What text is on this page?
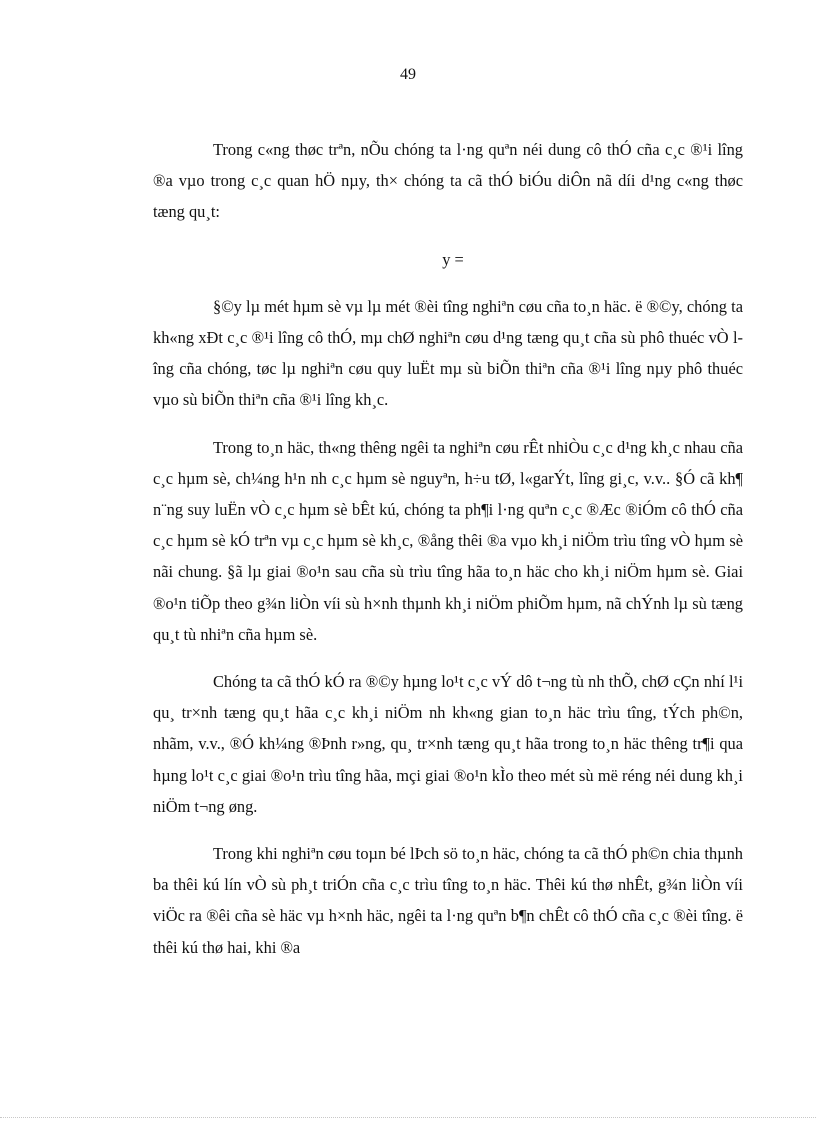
49

Trong c«ng thøc trªn, nÕu chóng ta l·ng quªn néi dung cô thÓ cña c¸c ®¹i lîng ®a vµo trong c¸c quan hÖ nµy, th× chóng ta cã thÓ biÓu diÔn nã díi d¹ng c«ng thøc tæng qu¸t:

y =

§©y lµ mét hµm sè vµ lµ mét ®èi tîng nghiªn cøu cña to¸n häc. ë ®©y, chóng ta kh«ng xÐt c¸c ®¹i lîng cô thÓ, mµ chØ nghiªn cøu d¹ng tæng qu¸t cña sù phô thuéc vÒ lîng cña chóng, tøc lµ nghiªn cøu quy luËt mµ sù biÕn thiªn cña ®¹i lîng nµy phô thuéc vµo sù biÕn thiªn cña ®¹i lîng kh¸c.

Trong to¸n häc, th«ng thêng ngêi ta nghiªn cøu rÊt nhiÒu c¸c d¹ng kh¸c nhau cña c¸c hµm sè, ch¼ng h¹n nh c¸c hµm sè nguyªn, h÷u tØ, l«garÝt, lîng gi¸c, v.v.. §Ó cã kh¶ n¨ng suy luËn vÒ c¸c hµm sè bÊt kú, chóng ta ph¶i l·ng quªn c¸c ®Æc ®iÓm cô thÓ cña c¸c hµm sè kÓ trªn vµ c¸c hµm sè kh¸c, ®ång thêi ®a vµo kh¸i niÖm trìu tîng vÒ hµm sè nãi chung. §ã lµ giai ®o¹n sau cña sù trìu tîng hãa to¸n häc cho kh¸i niÖm hµm sè. Giai ®o¹n tiÕp theo g¾n liÒn víi sù h×nh thµnh kh¸i niÖm phiÕm hµm, nã chÝnh lµ sù tæng qu¸t tù nhiªn cña hµm sè.

Chóng ta cã thÓ kÓ ra ®©y hµng lo¹t c¸c vÝ dô t¬ng tù nh thÕ, chØ cÇn nhí l¹i qu¸ tr×nh tæng qu¸t hãa c¸c kh¸i niÖm nh kh«ng gian to¸n häc trìu tîng, tÝch ph©n, nhãm, v.v., ®Ó kh¼ng ®Þnh r»ng, qu¸ tr×nh tæng qu¸t hãa trong to¸n häc thêng tr¶i qua hµng lo¹t c¸c giai ®o¹n trìu tîng hãa, mçi giai ®o¹n kÌo theo mét sù më réng néi dung kh¸i niÖm t¬ng øng.

Trong khi nghiªn cøu toµn bé lÞch sö to¸n häc, chóng ta cã thÓ ph©n chia thµnh ba thêi kú lín vÒ sù ph¸t triÓn cña c¸c trìu tîng to¸n häc. Thêi kú thø nhÊt, g¾n liÒn víi viÖc ra ®êi cña sè häc vµ h×nh häc, ngêi ta l·ng quªn b¶n chÊt cô thÓ cña c¸c ®èi tîng. ë thêi kú thø hai, khi ®a
